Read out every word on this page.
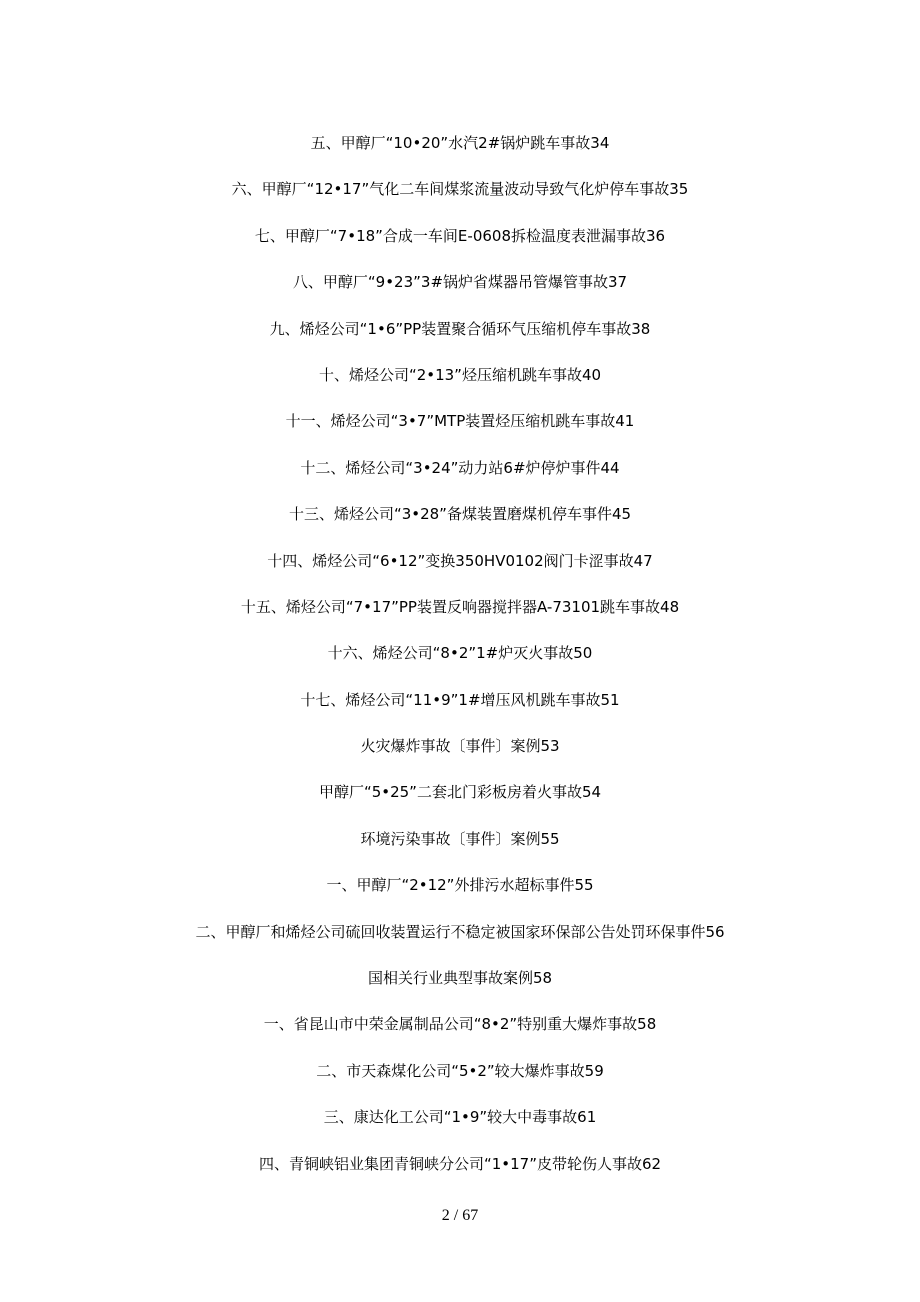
五、甲醇厂“10•20”水汽2#锅炉跳车事故34
六、甲醇厂“12•17”气化二车间煤浆流量波动导致气化炉停车事故35
七、甲醇厂“7•18”合成一车间E-0608拆检温度表泄漏事故36
八、甲醇厂“9•23”3#锅炉省煤器吊管爆管事故37
九、烯烃公司“1•6”PP装置聚合循环气压缩机停车事故38
十、烯烃公司“2•13”烃压缩机跳车事故40
十一、烯烃公司“3•7”MTP装置烃压缩机跳车事故41
十二、烯烃公司“3•24”动力站6#炉停炉事件44
十三、烯烃公司“3•28”备煤装置磨煤机停车事件45
十四、烯烃公司“6•12”变换350HV0102阀门卡涩事故47
十五、烯烃公司“7•17”PP装置反响器搅拌器A-73101跳车事故48
十六、烯烃公司“8•2”1#炉灭火事故50
十七、烯烃公司“11•9”1#增压风机跳车事故51
火灾爆炸事故〔事件〕案例53
甲醇厂“5•25”二套北门彩板房着火事故54
环境污染事故〔事件〕案例55
一、甲醇厂“2•12”外排污水超标事件55
二、甲醇厂和烯烃公司硫回收装置运行不稳定被国家环保部公告处罚环保事件56
国相关行业典型事故案例58
一、省昆山市中荣金属制品公司“8•2”特别重大爆炸事故58
二、市天森煤化公司“5•2”较大爆炸事故59
三、康达化工公司“1•9”较大中毒事故61
四、青铜峡铝业集团青铜峡分公司“1•17”皮带轮伤人事故62
2 / 67
